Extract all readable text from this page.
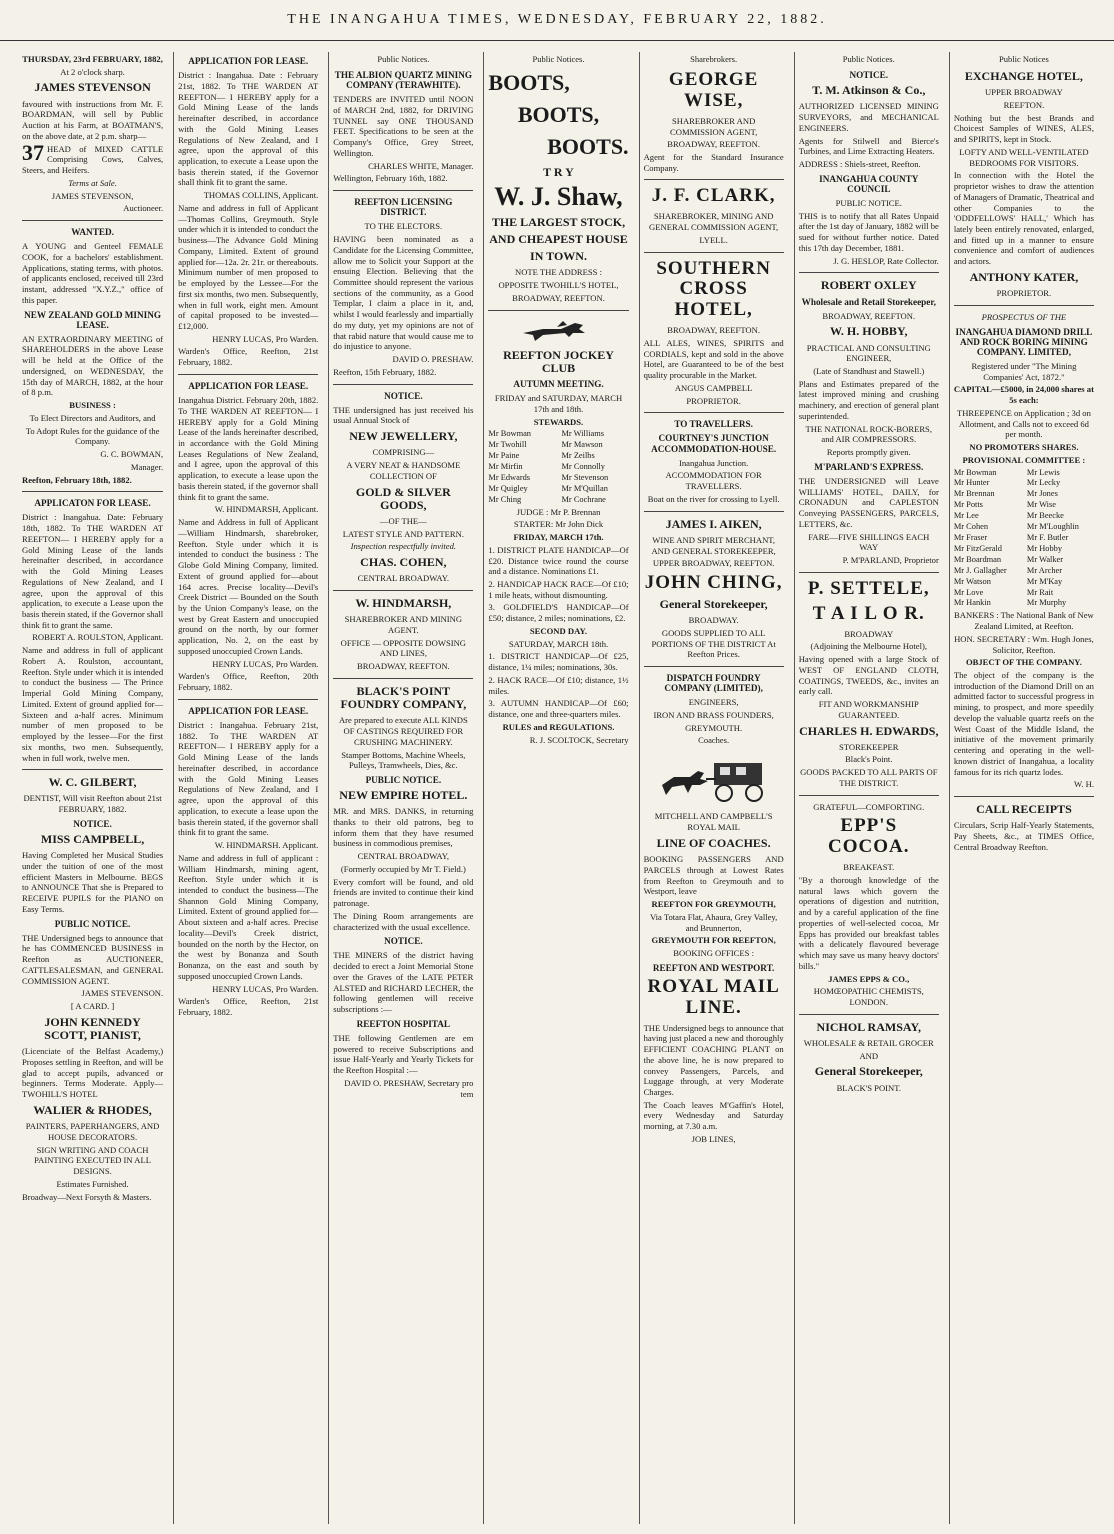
THE INANGAHUA TIMES, WEDNESDAY, FEBRUARY 22, 1882.
THURSDAY, 23rd FEBRUARY, 1882,
At 2 o'clock sharp.
JAMES STEVENSON
favoured with instructions from Mr. F. BOARDMAN, will sell by Public Auction at his Farm, at BOATMAN'S, on the above date, at 2 p.m. sharp—
37 HEAD of MIXED CATTLE Comprising Cows, Calves, Steers, and Heifers.
Terms at Sale.
JAMES STEVENSON,
Auctioneer.
WANTED.
A YOUNG and Genteel FEMALE COOK, for a bachelors' establishment. Applications, stating terms, with photos. of applicants enclosed, received till 23rd instant, addressed "X.Y.Z.," office of this paper.
NEW ZEALAND GOLD MINING LEASE.
AN EXTRAORDINARY MEETING of SHAREHOLDERS in the above Lease will be held at the Office of the undersigned, on WEDNESDAY, the 15th day of MARCH, 1882, at the hour of 8 p.m.
BUSINESS :
To Elect Directors and Auditors, and
To Adopt Rules for the guidance of the Company.
G. C. BOWMAN,
Manager.
Reefton, February 18th, 1882.
APPLICATON FOR LEASE.
District : Inangahua. Date: February 18th, 1882. To THE WARDEN AT REEFTON— I HEREBY apply for a Gold Mining Lease of the lands hereinafter described, in accordance with the Gold Mining Leases Regulations of New Zealand, and I agree, upon the approval of this application, to execute a Lease upon the basis therein stated, if the Governor shall think fit to grant the same.
ROBERT A. ROULSTON, Applicant.
Name and address in full of applicant Robert A. Roulston, accountant, Reefton. Style under which it is intended to conduct the business — The Prince Imperial Gold Mining Company, Limited. Extent of ground applied for—Sixteen and a-half acres. Minimum number of men proposed to be employed by the lessee—For the first six months, two men. Subsequently, when in full work, twelve men.
W. C. GILBERT,
DENTIST, Will visit Reefton about 21st FEBRUARY, 1882.
NOTICE.
MISS CAMPBELL,
Having Completed her Musical Studies under the tuition of one of the most efficient Masters in Melbourne. BEGS to ANNOUNCE That she is Prepared to RECEIVE PUPILS for the PIANO on Easy Terms.
PUBLIC NOTICE.
THE Undersigned begs to announce that he has COMMENCED BUSINESS in Reefton as AUCTIONEER, CATTLESALESMAN, and GENERAL COMMISSION AGENT.
JAMES STEVENSON.
[ A CARD. ]
JOHN KENNEDY SCOTT, PIANIST,
(Licenciate of the Belfast Academy,) Proposes settling in Reefton, and will be glad to accept pupils, advanced or beginners. Terms Moderate. Apply—TWOHILL'S HOTEL
WALIER & RHODES,
PAINTERS, PAPERHANGERS, AND HOUSE DECORATORS.
SIGN WRITING AND COACH PAINTING EXECUTED IN ALL DESIGNS.
Estimates Furnished.
Broadway—Next Forsyth & Masters.
APPLICATION FOR LEASE.
District : Inangahua. Date : February 21st, 1882. To THE WARDEN AT REEFTON— I HEREBY apply for a Gold Mining Lease of the lands hereinafter described, in accordance with the Gold Mining Leases Regulations of New Zealand, and I agree, upon the approval of this application, to execute a Lease upon the basis therein stated, if the Governor shall think fit to grant the same.
THOMAS COLLINS, Applicant.
Name and address in full of Applicant —Thomas Collins, Greymouth. Style under which it is intended to conduct the business—The Advance Gold Mining Company, Limited. Extent of ground applied for—12a. 2r. 21r. or thereabouts. Minimum number of men proposed to be employed by the Lessee—For the first six months, two men. Subsequently, when in full work, eight men. Amount of capital proposed to be invested—£12,000.
HENRY LUCAS, Pro Warden.
Warden's Office, Reefton, 21st February, 1882.
APPLICATION FOR LEASE.
Inangahua District. February 20th, 1882. To THE WARDEN AT REEFTON— I HEREBY apply for a Gold Mining Lease of the lands hereinafter described, in accordance with the Gold Mining Leases Regulations of New Zealand, and I agree, upon the approval of this application, to execute a lease upon the basis therein stated, if the governor shall think fit to grant the same.
W. HINDMARSH, Applicant.
Name and Address in full of Applicant —William Hindmarsh, sharebroker, Reefton. Style under which it is intended to conduct the business : The Globe Gold Mining Company, limited. Extent of ground applied for—about 164 acres. Precise locality—Devil's Creek District — Bounded on the South by the Union Company's lease, on the west by Great Eastern and unoccupied ground on the north, by our former application, No. 2, on the east by supposed unoccupied Crown Lands.
HENRY LUCAS, Pro Warden.
Warden's Office, Reefton, 20th February, 1882.
APPLICATION FOR LEASE.
District : Inangahua. February 21st, 1882. To THE WARDEN AT REEFTON— I HEREBY apply for a Gold Mining Lease of the lands hereinafter described, in accordance with the Gold Mining Leases Regulations of New Zealand, and I agree, upon the approval of this application, to execute a lease upon the basis therein stated, if the governor shall think fit to grant the same.
W. HINDMARSH. Applicant.
Name and address in full of applicant : William Hindmarsh, mining agent, Reefton. Style under which it is intended to conduct the business—The Shannon Gold Mining Company, Limited. Extent of ground applied for—About sixteen and a-half acres. Precise locality—Devil's Creek district, bounded on the north by the Hector, on the west by Bonanza and South Bonanza, on the east and south by supposed unoccupied Crown Lands.
HENRY LUCAS, Pro Warden.
Warden's Office, Reefton, 21st February, 1882.
Public Notices.
THE ALBION QUARTZ MINING COMPANY (TERAWHITE).
TENDERS are INVITED until NOON of MARCH 2nd, 1882, for DRIVING TUNNEL say ONE THOUSAND FEET. Specifications to be seen at the Company's Office, Grey Street, Wellington.
CHARLES WHITE, Manager.
Wellington, February 16th, 1882.
REEFTON LICENSING DISTRICT.
TO THE ELECTORS.
HAVING been nominated as a Candidate for the Licensing Committee, allow me to Solicit your Support at the ensuing Election. Believing that the Committee should represent the various sections of the community, as a Good Templar, I claim a place in it, and, whilst I would fearlessly and impartially do my duty, yet my opinions are not of that rabid nature that would cause me to do injustice to anyone.
DAVID O. PRESHAW.
Reefton, 15th February, 1882.
NOTICE.
THE undersigned has just received his usual Annual Stock of
NEW JEWELLERY,
COMPRISING—
A VERY NEAT & HANDSOME COLLECTION OF
GOLD & SILVER GOODS,
—OF THE—
LATEST STYLE AND PATTERN.
Inspection respectfully invited.
CHAS. COHEN,
CENTRAL BROADWAY.
W. HINDMARSH,
SHAREBROKER AND MINING AGENT.
OFFICE — OPPOSITE DOWSING AND LINES,
BROADWAY, REEFTON.
BLACK'S POINT FOUNDRY COMPANY,
Are prepared to execute ALL KINDS OF CASTINGS REQUIRED FOR CRUSHING MACHINERY.
Stamper Bottoms, Machine Wheels, Pulleys, Tramwheels, Dies, &c.
PUBLIC NOTICE.
NEW EMPIRE HOTEL.
MR. and MRS. DANKS, in returning thanks to their old patrons, beg to inform them that they have resumed business in commodious premises,
CENTRAL BROADWAY,
(Formerly occupied by Mr T. Field.)
Every comfort will be found, and old friends are invited to continue their kind patronage.
The Dining Room arrangements are characterized with the usual excellence.
NOTICE.
THE MINERS of the district having decided to erect a Joint Memorial Stone over the Graves of the LATE PETER ALSTED and RICHARD LECHER, the following gentlemen will receive subscriptions :—
REEFTON HOSPITAL
THE following Gentlemen are em powered to receive Subscriptions and issue Half-Yearly and Yearly Tickets for the Reefton Hospital :—
DAVID O. PRESHAW, Secretary pro tem
Public Notices.
BOOTS,
BOOTS,
BOOTS.
T R Y
W. J. Shaw,
THE LARGEST STOCK,
AND CHEAPEST HOUSE
IN TOWN.
NOTE THE ADDRESS :
OPPOSITE TWOHILL'S HOTEL,
BROADWAY, REEFTON.
REEFTON JOCKEY CLUB
AUTUMN MEETING.
FRIDAY and SATURDAY, MARCH 17th and 18th.
STEWARDS.
Mr Bowman	Mr Williams
Mr Twohill	Mr Mawson
Mr Paine	Mr Zeilbs
Mr Mirfin	Mr Connolly
Mr Edwards	Mr Stevenson
Mr Quigley	Mr M'Quillan
Mr Ching	Mr Cochrane
JUDGE : Mr P. Brennan
STARTER: Mr John Dick
FRIDAY, MARCH 17th.
1. DISTRICT PLATE HANDICAP—Of £20. Distance twice round the course and a distance. Nominations £1.
2. HANDICAP HACK RACE—Of £10; 1 mile heats, without dismounting.
3. GOLDFIELD'S HANDICAP—Of £50; distance, 2 miles; nominations, £2.
SECOND DAY.
SATURDAY, MARCH 18th.
1. DISTRICT HANDICAP—Of £25, distance, 1¼ miles; nominations, 30s.
2. HACK RACE—Of £10; distance, 1½ miles.
3. AUTUMN HANDICAP—Of £60; distance, one and three-quarters miles.
RULES and REGULATIONS.
R. J. SCOLTOCK, Secretary
Sharebrokers.
GEORGE WISE,
SHAREBROKER AND COMMISSION AGENT,
BROADWAY, REEFTON.
Agent for the Standard Insurance Company.
J. F. CLARK,
SHAREBROKER, MINING AND GENERAL COMMISSION AGENT,
LYELL.
SOUTHERN CROSS HOTEL,
BROADWAY, REEFTON.
ALL ALES, WINES, SPIRITS and CORDIALS, kept and sold in the above Hotel, are Guaranteed to be of the best quality procurable in the Market.
ANGUS CAMPBELL
PROPRIETOR.
TO TRAVELLERS.
COURTNEY'S JUNCTION ACCOMMODATION-HOUSE.
Inangahua Junction.
ACCOMMODATION FOR TRAVELLERS.
Boat on the river for crossing to Lyell.
JAMES I. AIKEN,
WINE AND SPIRIT MERCHANT, AND GENERAL STOREKEEPER,
UPPER BROADWAY, REEFTON.
JOHN CHING,
General Storekeeper,
BROADWAY.
GOODS SUPPLIED TO ALL PORTIONS OF THE DISTRICT At Reefton Prices.
DISPATCH FOUNDRY COMPANY (LIMITED),
ENGINEERS,
IRON AND BRASS FOUNDERS,
GREYMOUTH.
Coaches.
MITCHELL AND CAMPBELL'S ROYAL MAIL
LINE OF COACHES.
BOOKING PASSENGERS AND PARCELS through at Lowest Rates from Reefton to Greymouth and to Westport, leave
REEFTON FOR GREYMOUTH,
Via Totara Flat, Ahaura, Grey Valley, and Brunnerton,
GREYMOUTH FOR REEFTON,
BOOKING OFFICES :
REEFTON AND WESTPORT.
ROYAL MAIL LINE.
THE Undersigned begs to announce that having just placed a new and thoroughly EFFICIENT COACHING PLANT on the above line, he is now prepared to convey Passengers, Parcels, and Luggage through, at very Moderate Charges.
The Coach leaves M'Gaffin's Hotel, every Wednesday and Saturday morning, at 7.30 a.m.
JOB LINES,
Public Notices.
NOTICE.
T. M. Atkinson & Co.,
AUTHORIZED LICENSED MINING SURVEYORS, and MECHANICAL ENGINEERS.
Agents for Stilwell and Bierce's Turbines, and Lime Extracting Heaters.
ADDRESS : Shiels-street, Reefton.
INANGAHUA COUNTY COUNCIL
PUBLIC NOTICE.
THIS is to notify that all Rates Unpaid after the 1st day of January, 1882 will be sued for without further notice. Dated this 17th day December, 1881.
J. G. HESLOP, Rate Collector.
ROBERT OXLEY
Wholesale and Retail Storekeeper,
BROADWAY, REEFTON.
W. H. HOBBY,
PRACTICAL AND CONSULTING ENGINEER,
(Late of Standhust and Stawell.)
Plans and Estimates prepared of the latest improved mining and crushing machinery, and erection of general plant superintended.
THE NATIONAL ROCK-BORERS, and AIR COMPRESSORS.
Reports promptly given.
M'PARLAND'S EXPRESS.
THE UNDERSIGNED will Leave WILLIAMS' HOTEL, DAILY, for CRONADUN and CAPLESTON Conveying PASSENGERS, PARCELS, LETTERS, &c.
FARE—FIVE SHILLINGS EACH WAY
P. M'PARLAND, Proprietor
P. SETTELE,
T A I L O R.
BROADWAY
(Adjoining the Melbourne Hotel),
Having opened with a large Stock of WEST OF ENGLAND CLOTH, COATINGS, TWEEDS, &c., invites an early call.
FIT AND WORKMANSHIP GUARANTEED.
CHARLES H. EDWARDS,
STOREKEEPER
Black's Point.
GOODS PACKED TO ALL PARTS OF THE DISTRICT.
GRATEFUL—COMFORTING.
EPP'S COCOA.
BREAKFAST.
"By a thorough knowledge of the natural laws which govern the operations of digestion and nutrition, and by a careful application of the fine properties of well-selected cocoa, Mr Epps has provided our breakfast tables with a delicately flavoured beverage which may save us many heavy doctors' bills."
JAMES EPPS & CO.,
HOMŒOPATHIC CHEMISTS, LONDON.
NICHOL RAMSAY,
WHOLESALE & RETAIL GROCER
AND
General Storekeeper,
BLACK'S POINT.
Public Notices
EXCHANGE HOTEL,
UPPER BROADWAY
REEFTON.
Nothing but the best Brands and Choicest Samples of WINES, ALES, and SPIRITS, kept in Stock.
LOFTY AND WELL-VENTILATED BEDROOMS FOR VISITORS.
In connection with the Hotel the proprietor wishes to draw the attention of Managers of Dramatic, Theatrical and other Companies to the 'ODDFELLOWS' HALL,' Which has lately been entirely renovated, enlarged, and fitted up in a manner to ensure convenience and comfort of audiences and actors.
ANTHONY KATER,
PROPRIETOR.
PROSPECTUS OF THE
INANGAHUA DIAMOND DRILL AND ROCK BORING MINING COMPANY. LIMITED,
Registered under "The Mining Companies' Act, 1872."
CAPITAL—£5000, in 24,000 shares at 5s each:
THREEPENCE on Application ; 3d on Allotment, and Calls not to exceed 6d per month.
NO PROMOTERS SHARES.
PROVISIONAL COMMITTEE :
Mr Bowman	Mr Lewis
Mr Hunter	Mr Lecky
Mr Brennan	Mr Jones
Mr Potts	Mr Wise
Mr Lee	Mr Beecke
Mr Cohen	Mr M'Loughlin
Mr Fraser	Mr F. Butler
Mr FitzGerald	Mr Hobby
Mr Boardman	Mr Walker
Mr J. Gallagher	Mr Archer
Mr Watson	Mr M'Kay
Mr Love	Mr Rait
Mr Hankin	Mr Murphy
BANKERS : The National Bank of New Zealand Limited, at Reefton.
HON. SECRETARY : Wm. Hugh Jones, Solicitor, Reefton.
OBJECT OF THE COMPANY.
The object of the company is the introduction of the Diamond Drill on an admitted factor to successful progress in mining, to prospect, and more speedily develop the valuable quartz reefs on the West Coast of the Middle Island, the initiative of the movement primarily centering and operating in the well-known district of Inangahua, a locality famous for its rich quartz lodes.
W. H.
CALL RECEIPTS
Circulars, Scrip Half-Yearly Statements, Pay Sheets, &c., at TIMES Office, Central Broadway Reefton.
